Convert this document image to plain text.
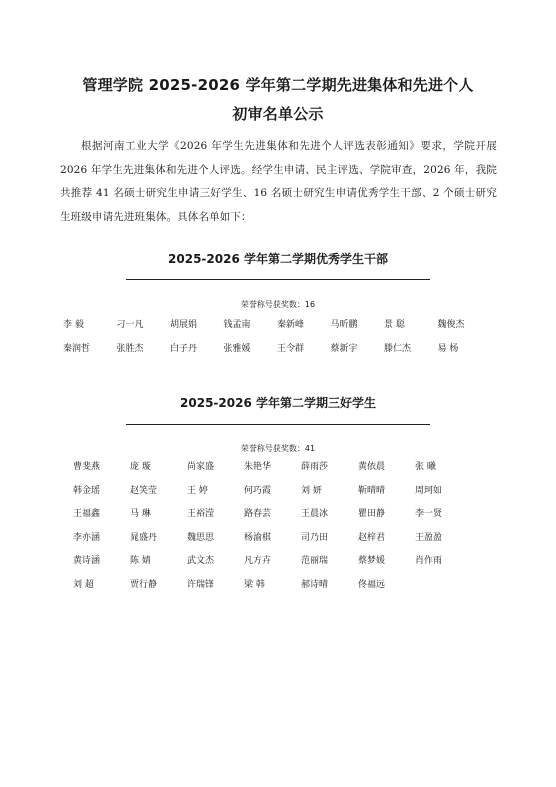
管理学院 2025-2026 学年第二学期先进集体和先进个人
初审名单公示
根据河南工业大学《2026 年学生先进集体和先进个人评选表彰通知》要求，学院开展 2026 年学生先进集体和先进个人评选。经学生申请、民主评选、学院审查，2026 年，我院共推荐 41 名硕士研究生申请三好学生、16 名硕士研究生申请优秀学生干部、2 个硕士研究生班级申请先进班集体。具体名单如下：
2025-2026 学年第二学期优秀学生干部
荣誉称号获奖数：16
李 毅	刁一凡	胡展娟	钱孟南	秦新峰	马昕鹏	景 聪	魏俊杰
秦润哲	张胜杰	白子丹	张雅媛	王令群	蔡新宇	滕仁杰	易 杨
2025-2026 学年第二学期三好学生
荣誉称号获奖数：41
曹斐燕	庞 璇	尚家盛	朱艳华	薛雨莎	黄依晨	张 曦
韩金瑶	赵笑莹	王 婷	何巧霞	刘 妍	靳晴晴	周珂如
王福鑫	马 琳	王裕滢	路春芸	王晨冰	瞿田静	李一贤
李亦涵	晁盛丹	魏思思	杨渝棋	司乃田	赵梓君	王盈盈
黄诗涵	陈 婧	武文杰	凡方卉	范丽瑞	蔡梦媛	肖作雨
刘 超	贾行静	许瑞锋	梁 韩	郝诗晴	佟福远
